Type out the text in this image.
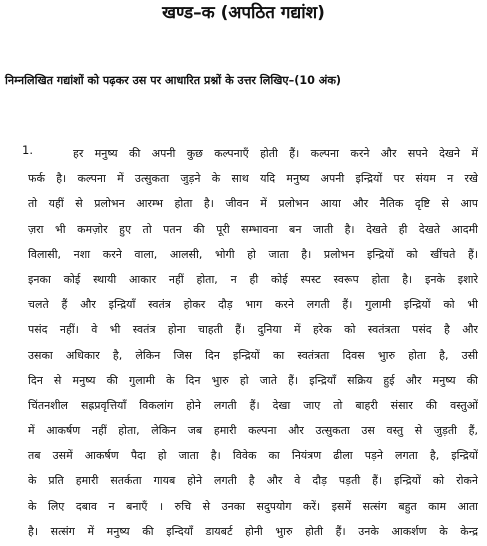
खण्ड–क (अपठित गद्यांश)
निम्नलिखित गद्यांशों को पढ़कर उस पर आधारित प्रश्नों के उत्तर लिखिए–(10 अंक)
1.	हर मनुष्य की अपनी कुछ कल्पनाएँ होती हैं। कल्पना करने और सपने देखने में
फर्क है। कल्पना में उत्सुकता जुड़ने के साथ यदि मनुष्य अपनी इन्द्रियों पर संयम न रखे
तो यहीं से प्रलोभन आरम्भ होता है। जीवन में प्रलोभन आया और नैतिक दृष्टि से आप
ज़रा भी कमज़ोर हुए तो पतन की पूरी सम्भावना बन जाती है। देखते ही देखते आदमी
विलासी, नशा करने वाला, आलसी, भोगी हो जाता है। प्रलोभन इन्द्रियों को खींचते हैं।
इनका कोई स्थायी आकार नहीं होता, न ही कोई स्पस्ट स्वरूप होता है। इनके इशारे
चलते हैं और इन्द्रियाँ स्वतंत्र होकर दौड़ भाग करने लगती हैं। गुलामी इन्द्रियों को भी
पसंद नहीं। वे भी स्वतंत्र होना चाहती हैं। दुनिया में हरेक को स्वतंत्रता पसंद है और
उसका अधिकार है, लेकिन जिस दिन इन्द्रियों का स्वतंत्रता दिवस भुारु होता है, उसी
दिन से मनुष्य की गुलामी के दिन भुारु हो जाते हैं। इन्द्रियाँ सक्रिय हुई और मनुष्य की
चिंतनशील सह्रप्रवृत्तियाँ विकलांग होने लगती हैं। देखा जाए तो बाहरी संसार की वस्तुओं
में आकर्षण नहीं होता, लेकिन जब हमारी कल्पना और उत्सुकता उस वस्तु से जुड़ती हैं,
तब उसमें आकर्षण पैदा हो जाता है। विवेक का नियंत्रण ढीला पड़ने लगता है, इन्द्रियों
के प्रति हमारी सतर्कता गायब होने लगती है और वे दौड़ पड़ती हैं। इन्द्रियों को रोकने
के लिए दबाव न बनाएँ । रुचि से उनका सदुपयोग करें। इसमें सत्संग बहुत काम आता
है। सत्संग में मनुष्य की इन्दियाँ डायबर्ट होनी भुारु होती हैं। उनके आकर्शण के केन्द्र
